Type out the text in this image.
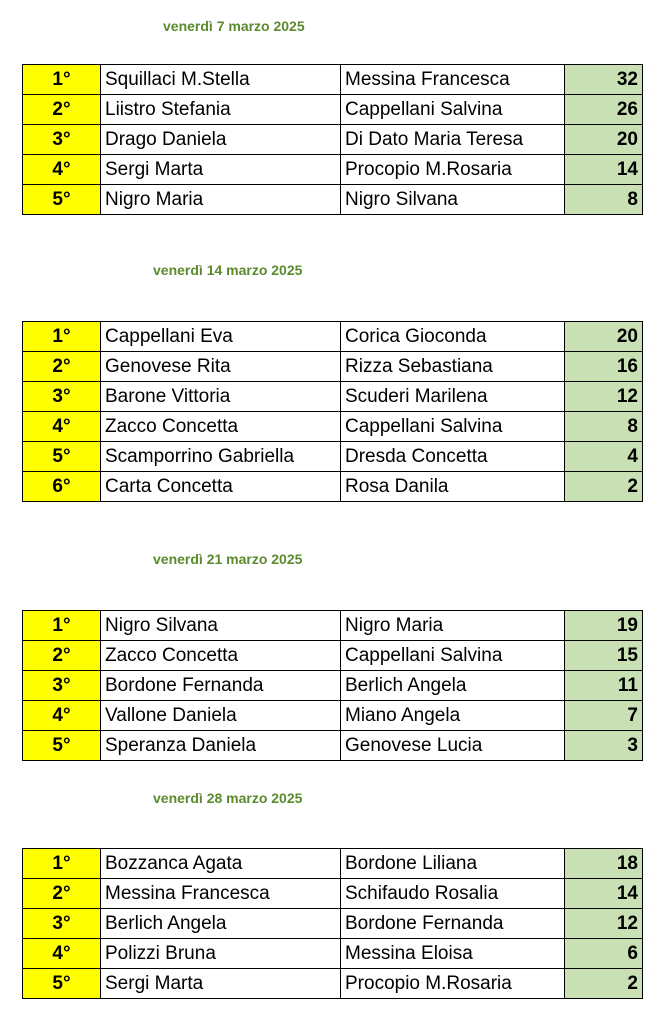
venerdì 7 marzo 2025
1°	Squillaci M.Stella	Messina Francesca	32
2°	Liistro Stefania	Cappellani Salvina	26
3°	Drago Daniela	Di Dato Maria Teresa	20
4°	Sergi Marta	Procopio M.Rosaria	14
5°	Nigro Maria	Nigro Silvana	8
venerdì 14 marzo 2025
1°	Cappellani Eva	Corica Gioconda	20
2°	Genovese Rita	Rizza Sebastiana	16
3°	Barone Vittoria	Scuderi Marilena	12
4°	Zacco Concetta	Cappellani Salvina	8
5°	Scamporrino Gabriella	Dresda Concetta	4
6°	Carta Concetta	Rosa Danila	2
venerdì 21 marzo 2025
1°	Nigro Silvana	Nigro Maria	19
2°	Zacco Concetta	Cappellani Salvina	15
3°	Bordone Fernanda	Berlich Angela	11
4°	Vallone Daniela	Miano Angela	7
5°	Speranza Daniela	Genovese Lucia	3
venerdì 28 marzo 2025
1°	Bozzanca Agata	Bordone Liliana	18
2°	Messina Francesca	Schifaudo Rosalia	14
3°	Berlich Angela	Bordone Fernanda	12
4°	Polizzi Bruna	Messina Eloisa	6
5°	Sergi Marta	Procopio M.Rosaria	2
